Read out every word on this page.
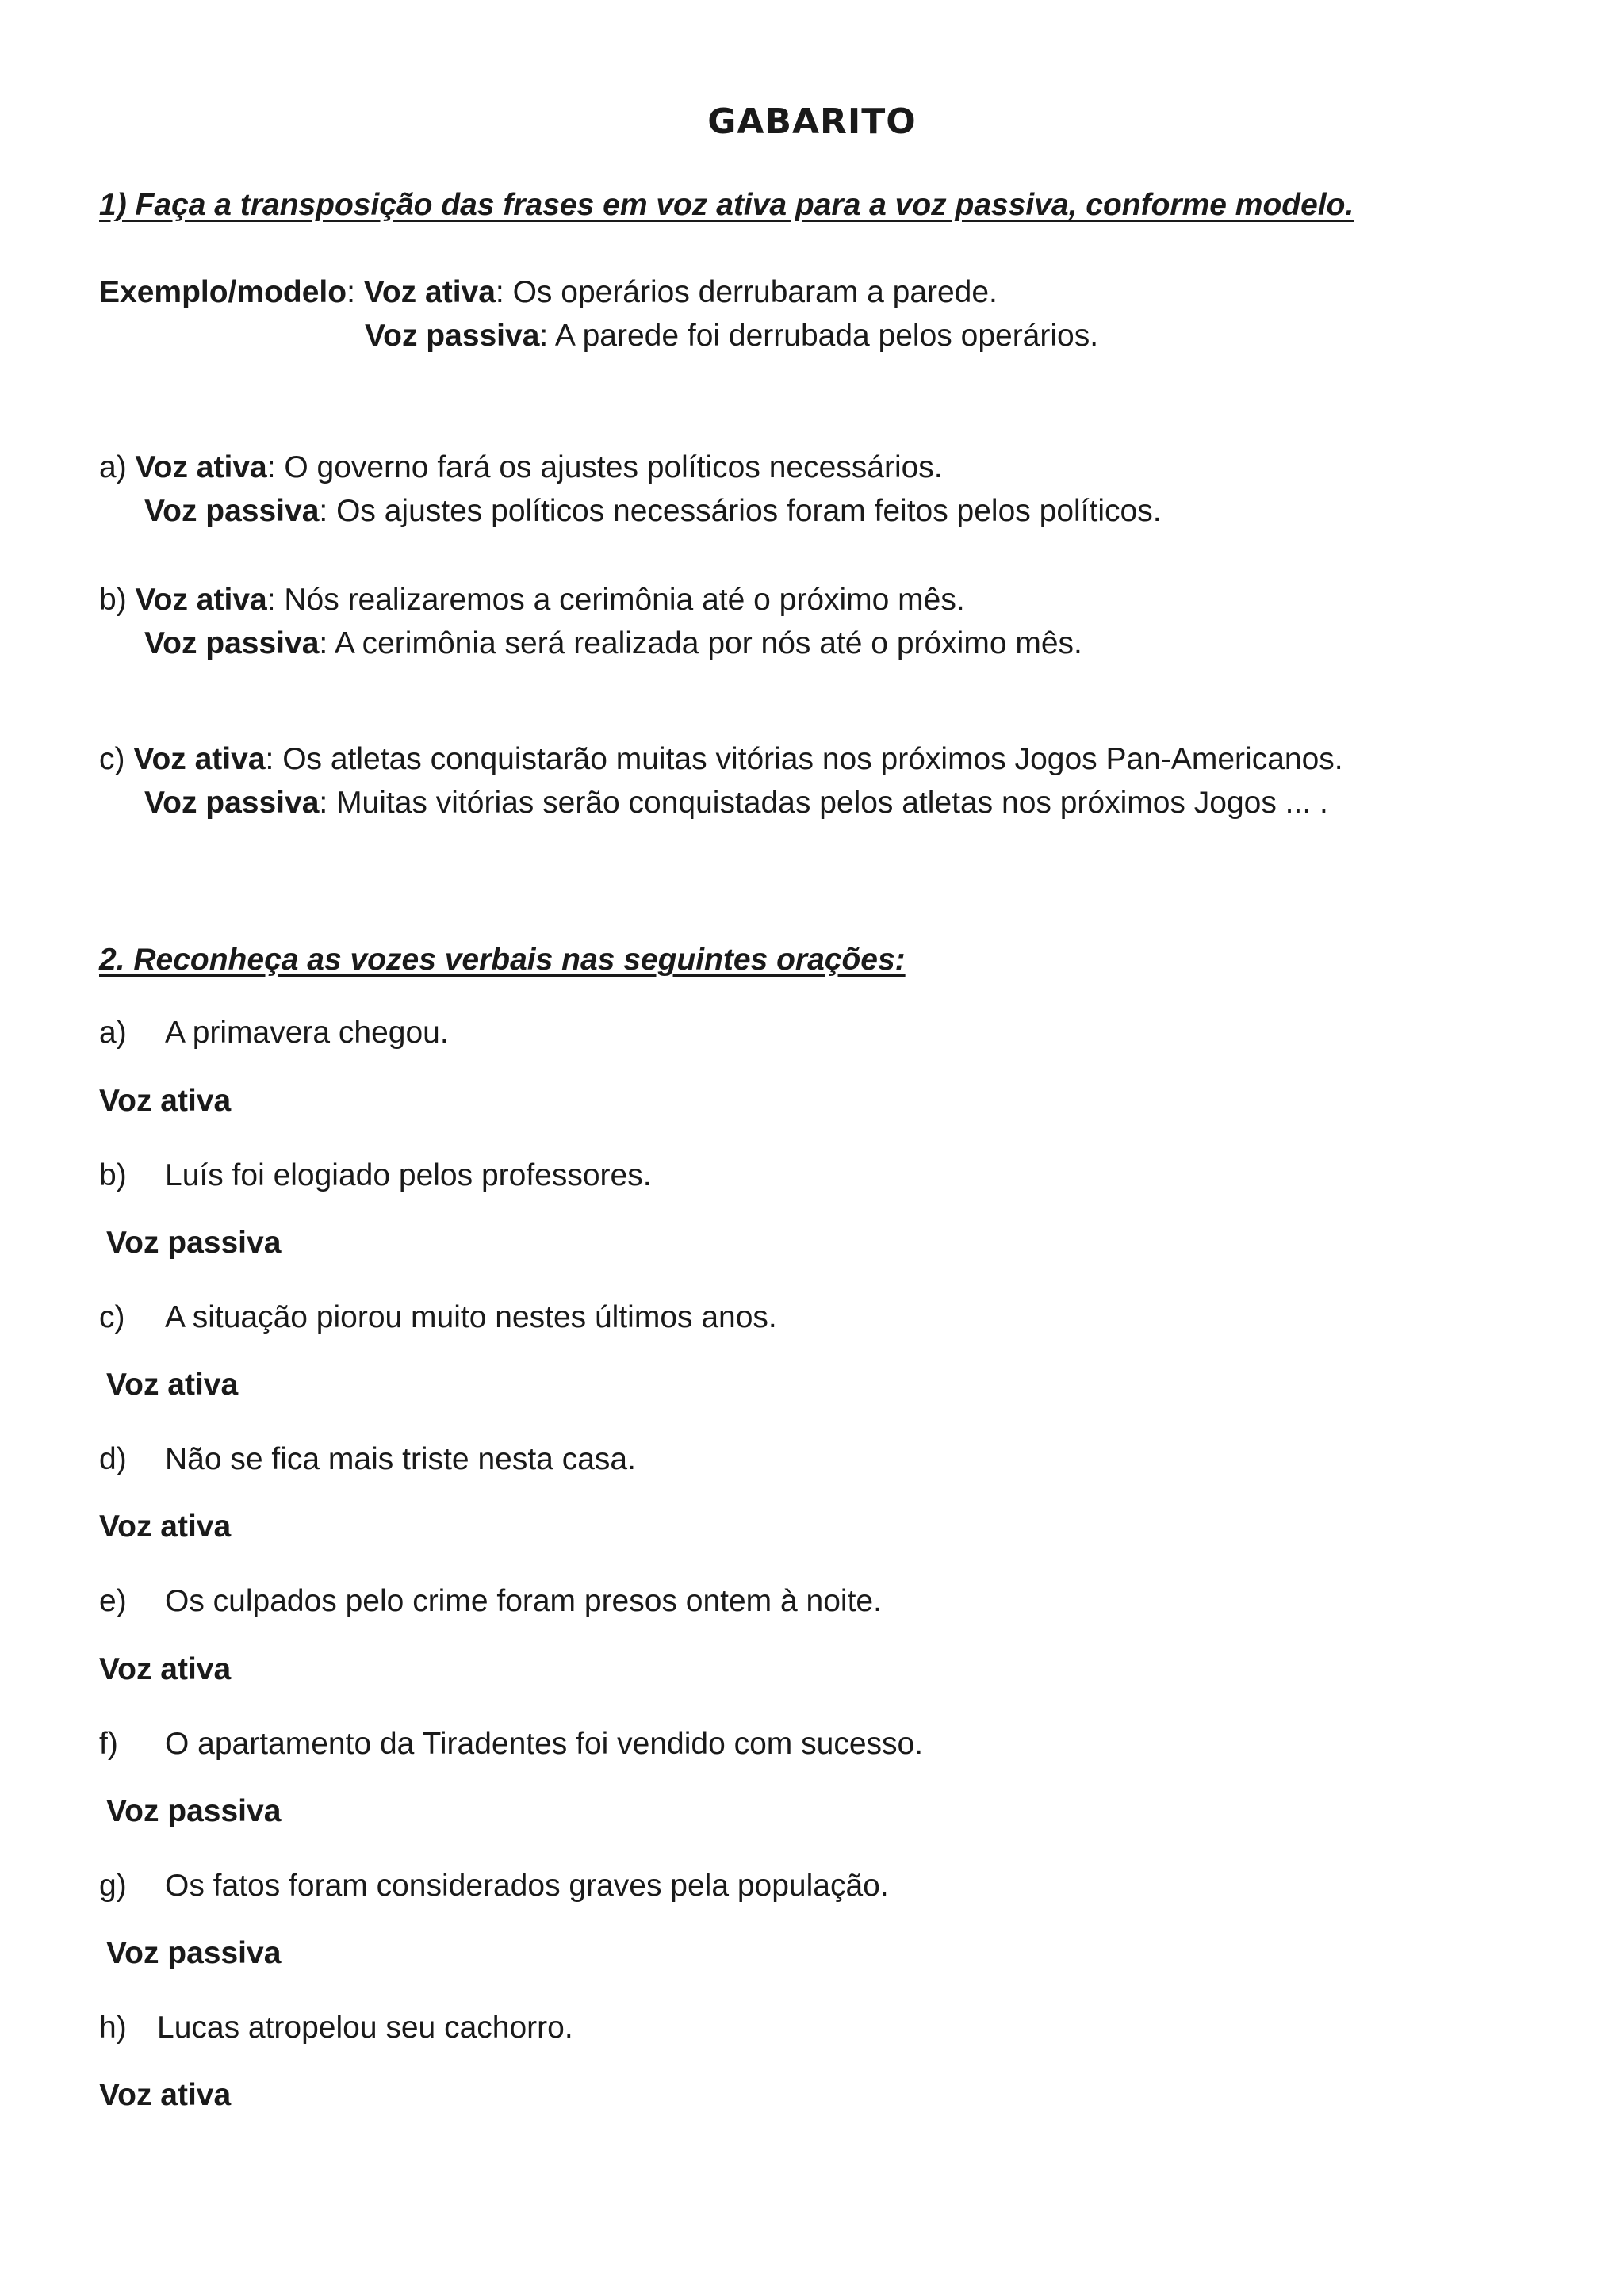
GABARITO
1) Faça a transposição das frases em voz ativa para a voz passiva, conforme modelo.
Exemplo/modelo: Voz ativa: Os operários derrubaram a parede.
Voz passiva: A parede foi derrubada pelos operários.
a) Voz ativa: O governo fará os ajustes políticos necessários.
Voz passiva: Os ajustes políticos necessários foram feitos pelos políticos.
b) Voz ativa: Nós realizaremos a cerimônia até o próximo mês.
Voz passiva: A cerimônia será realizada por nós até o próximo mês.
c) Voz ativa: Os atletas conquistarão muitas vitórias nos próximos Jogos Pan-Americanos.
Voz passiva: Muitas vitórias serão conquistadas pelos atletas nos próximos Jogos ... .
2. Reconheça as vozes verbais nas seguintes orações:
a) A primavera chegou.
Voz ativa
b) Luís foi elogiado pelos professores.
Voz passiva
c) A situação piorou muito nestes últimos anos.
Voz ativa
d) Não se fica mais triste nesta casa.
Voz ativa
e) Os culpados pelo crime foram presos ontem à noite.
Voz ativa
f) O apartamento da Tiradentes foi vendido com sucesso.
Voz passiva
g) Os fatos foram considerados graves pela população.
Voz passiva
h) Lucas atropelou seu cachorro.
Voz ativa
